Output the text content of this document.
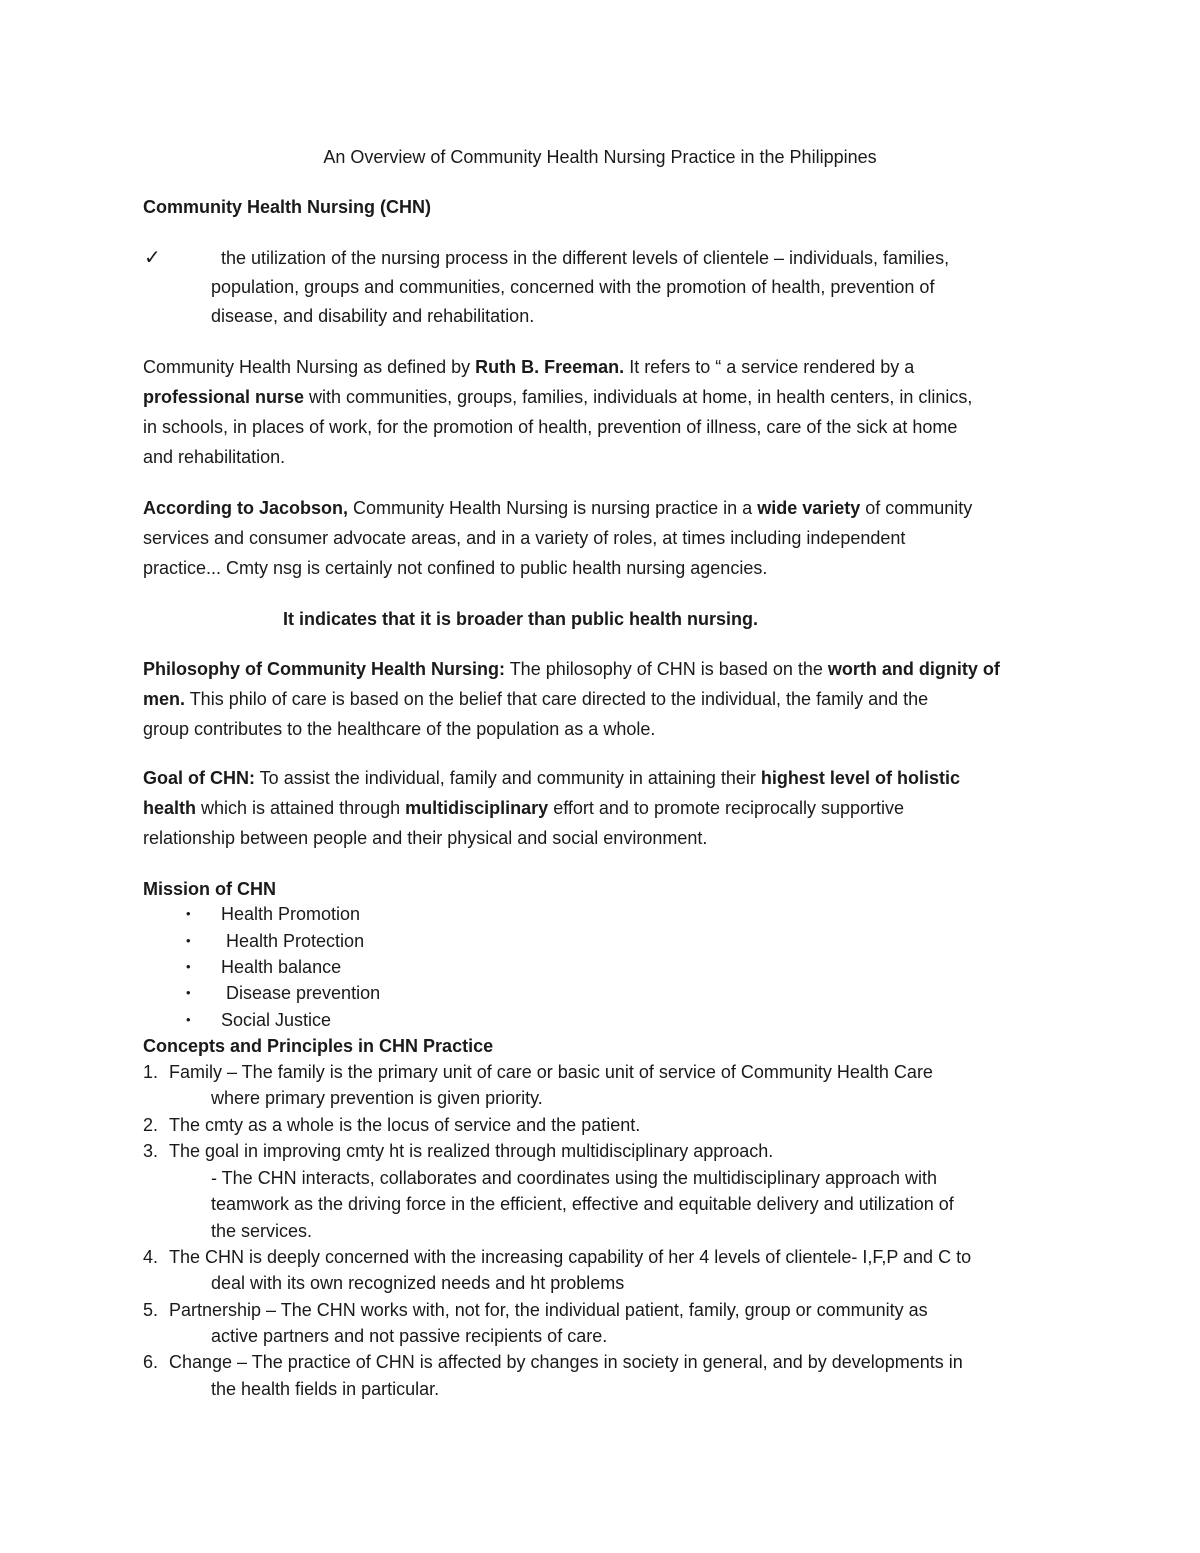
An Overview of Community Health Nursing Practice in the Philippines
Community Health Nursing (CHN)
✓	the utilization of the nursing process in the different levels of clientele – individuals, families,
population, groups and communities, concerned with the promotion of health, prevention of
disease, and disability and rehabilitation.
Community Health Nursing as defined by Ruth B. Freeman. It refers to “ a service rendered by a
professional nurse with communities, groups, families, individuals at home, in health centers, in clinics,
in schools, in places of work, for the promotion of health, prevention of illness, care of the sick at home
and rehabilitation.
According to Jacobson, Community Health Nursing is nursing practice in a wide variety of community
services and consumer advocate areas, and in a variety of roles, at times including independent
practice... Cmty nsg is certainly not confined to public health nursing agencies.
It indicates that it is broader than public health nursing.
Philosophy of Community Health Nursing: The philosophy of CHN is based on the worth and dignity of
men. This philo of care is based on the belief that care directed to the individual, the family and the
group contributes to the healthcare of the population as a whole.
Goal of CHN: To assist the individual, family and community in attaining their highest level of holistic
health which is attained through multidisciplinary effort and to promote reciprocally supportive
relationship between people and their physical and social environment.
Mission of CHN
• Health Promotion
• Health Protection
• Health balance
• Disease prevention
• Social Justice
Concepts and Principles in CHN Practice
1. Family – The family is the primary unit of care or basic unit of service of Community Health Care
where primary prevention is given priority.
2. The cmty as a whole is the locus of service and the patient.
3. The goal in improving cmty ht is realized through multidisciplinary approach.
- The CHN interacts, collaborates and coordinates using the multidisciplinary approach with
teamwork as the driving force in the efficient, effective and equitable delivery and utilization of
the services.
4. The CHN is deeply concerned with the increasing capability of her 4 levels of clientele- I,F,P and C to
deal with its own recognized needs and ht problems
5. Partnership – The CHN works with, not for, the individual patient, family, group or community as
active partners and not passive recipients of care.
6. Change – The practice of CHN is affected by changes in society in general, and by developments in
the health fields in particular.
